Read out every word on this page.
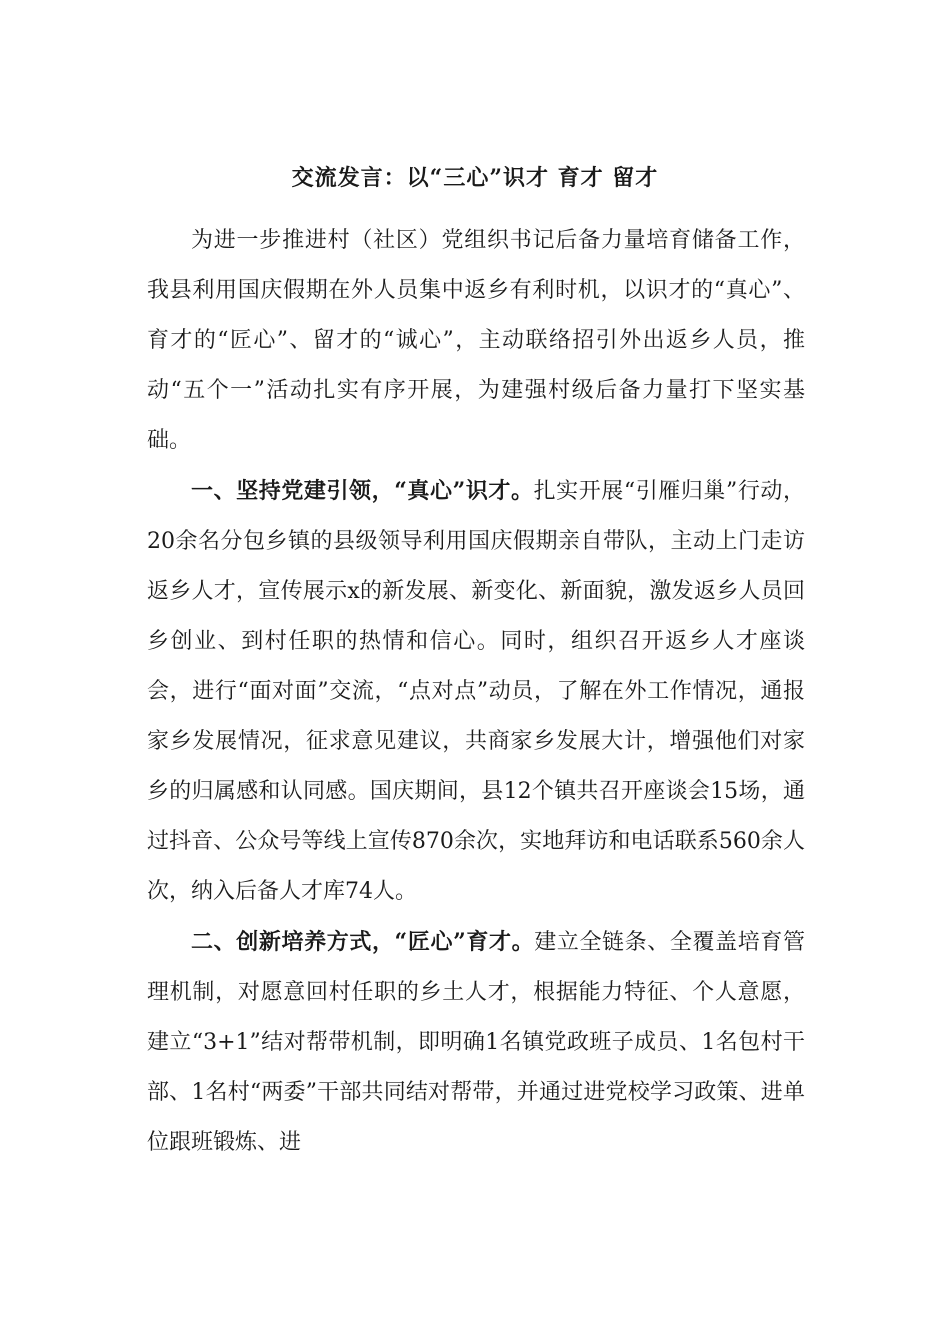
交流发言：以“三心”识才 育才 留才

为进一步推进村（社区）党组织书记后备力量培育储备工作，我县利用国庆假期在外人员集中返乡有利时机，以识才的“真心”、育才的“匠心”、留才的“诚心”，主动联络招引外出返乡人员，推动“五个一”活动扎实有序开展，为建强村级后备力量打下坚实基础。

一、坚持党建引领，“真心”识才。扎实开展“引雁归巢”行动，20余名分包乡镇的县级领导利用国庆假期亲自带队，主动上门走访返乡人才，宣传展示x的新发展、新变化、新面貌，激发返乡人员回乡创业、到村任职的热情和信心。同时，组织召开返乡人才座谈会，进行“面对面”交流，“点对点”动员，了解在外工作情况，通报家乡发展情况，征求意见建议，共商家乡发展大计，增强他们对家乡的归属感和认同感。国庆期间，县12个镇共召开座谈会15场，通过抖音、公众号等线上宣传870余次，实地拜访和电话联系560余人次，纳入后备人才库74人。

二、创新培养方式，“匠心”育才。建立全链条、全覆盖培育管理机制，对愿意回村任职的乡土人才，根据能力特征、个人意愿，建立“3+1”结对帮带机制，即明确1名镇党政班子成员、1名包村干部、1名村“两委”干部共同结对帮带，并通过进党校学习政策、进单位跟班锻炼、进
